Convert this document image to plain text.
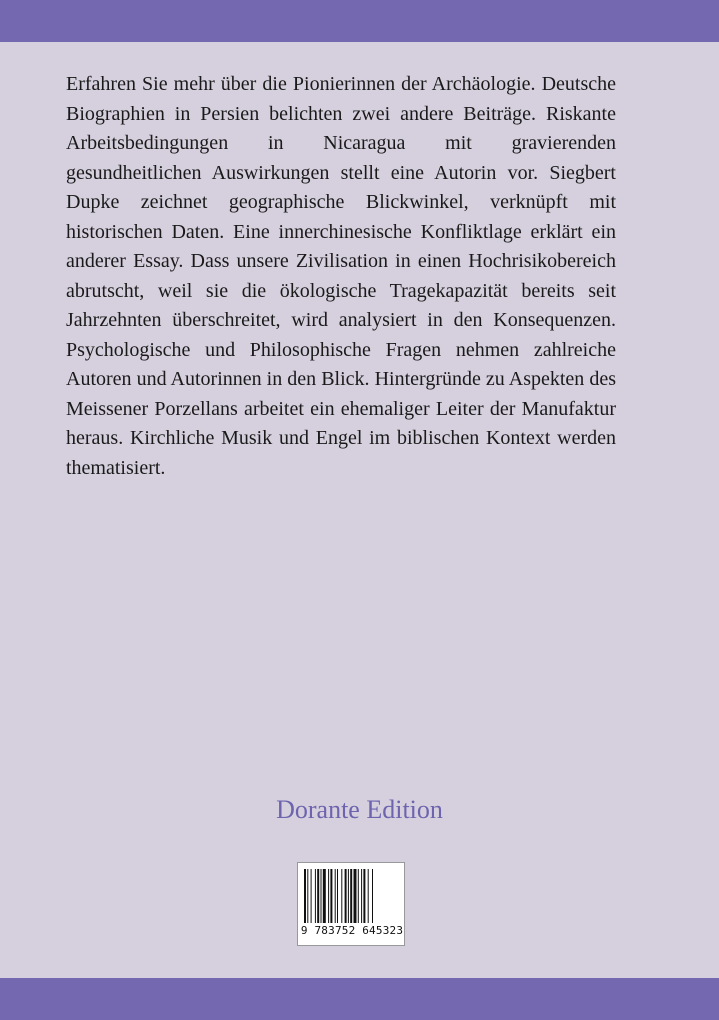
Erfahren Sie mehr über die Pionierinnen der Archäologie. Deutsche Biographien in Persien belichten zwei andere Beiträge. Riskante Arbeitsbedingungen in Nicaragua mit gravierenden gesundheitlichen Auswirkungen stellt eine Autorin vor. Siegbert Dupke zeichnet geographische Blickwinkel, verknüpft mit historischen Daten. Eine innerchinesische Konfliktlage erklärt ein anderer Essay. Dass unsere Zivilisation in einen Hochrisikobereich abrutscht, weil sie die ökologische Tragekapazität bereits seit Jahrzehnten überschreitet, wird analysiert in den Konsequenzen. Psychologische und Philosophische Fragen nehmen zahlreiche Autoren und Autorinnen in den Blick. Hintergründe zu Aspekten des Meissener Porzellans arbeitet ein ehemaliger Leiter der Manufaktur heraus. Kirchliche Musik und Engel im biblischen Kontext werden thematisiert.

Dorante Edition
9 783752 645323
